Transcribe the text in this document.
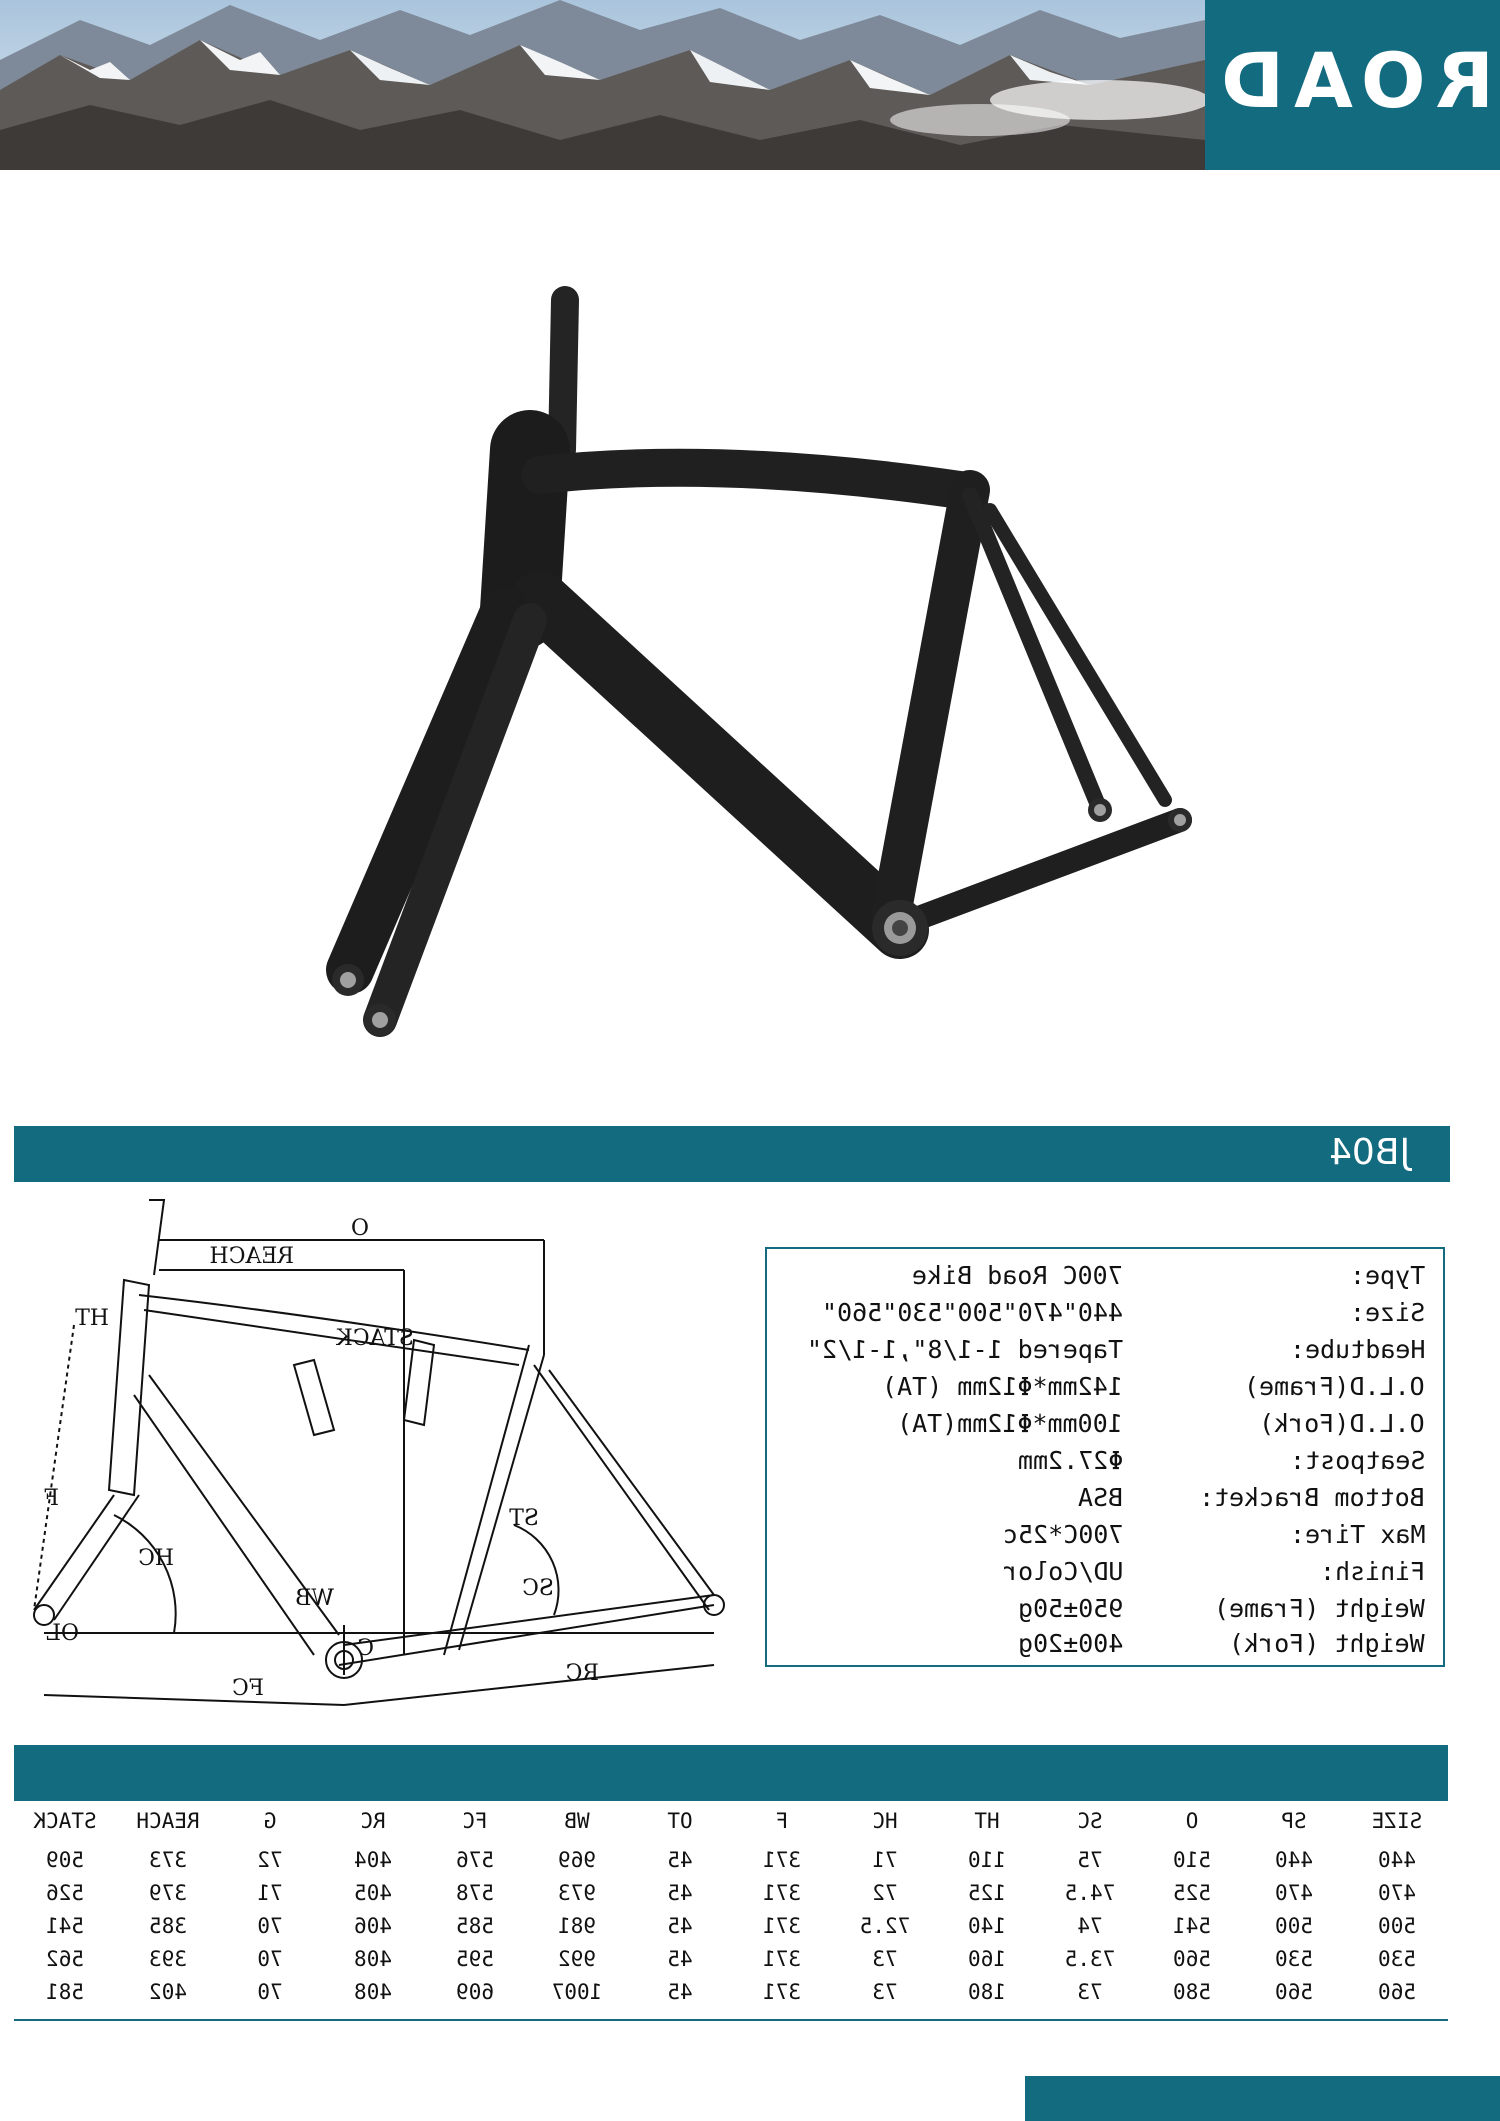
ROAD
JB04
O
REACH
HT
STACK
ST
F
HC
SC
WB
C
FC
RC
OL
Type:
700C Road Bike
Size:
440"470"500"530"560"
Headtube:
Tapered 1-1/8",1-1/2"
O.L.D(Frame)
142mm*Φ12mm (TA)
O.L.D(Fork)
100mm*Φ12mm(TA)
Seatpost:
Φ27.2mm
Bottom Bracket:
BSA
Max Tire:
700C*25c
Finish:
UD/Color
Weight (Frame)
950±50g
Weight (Fork)
400±20g
SIZE
SP
O
SC
HT
HC
F
OT
WB
FC
RC
G
REACH
STACK
440
440
510
75
110
71
371
45
969
576
404
72
373
509
470
470
525
74.5
125
72
371
45
973
578
405
71
379
526
500
500
541
74
140
72.5
371
45
981
585
406
70
385
541
530
530
560
73.5
160
73
371
45
992
595
408
70
393
562
560
560
580
73
180
73
371
45
1007
609
408
70
402
581
